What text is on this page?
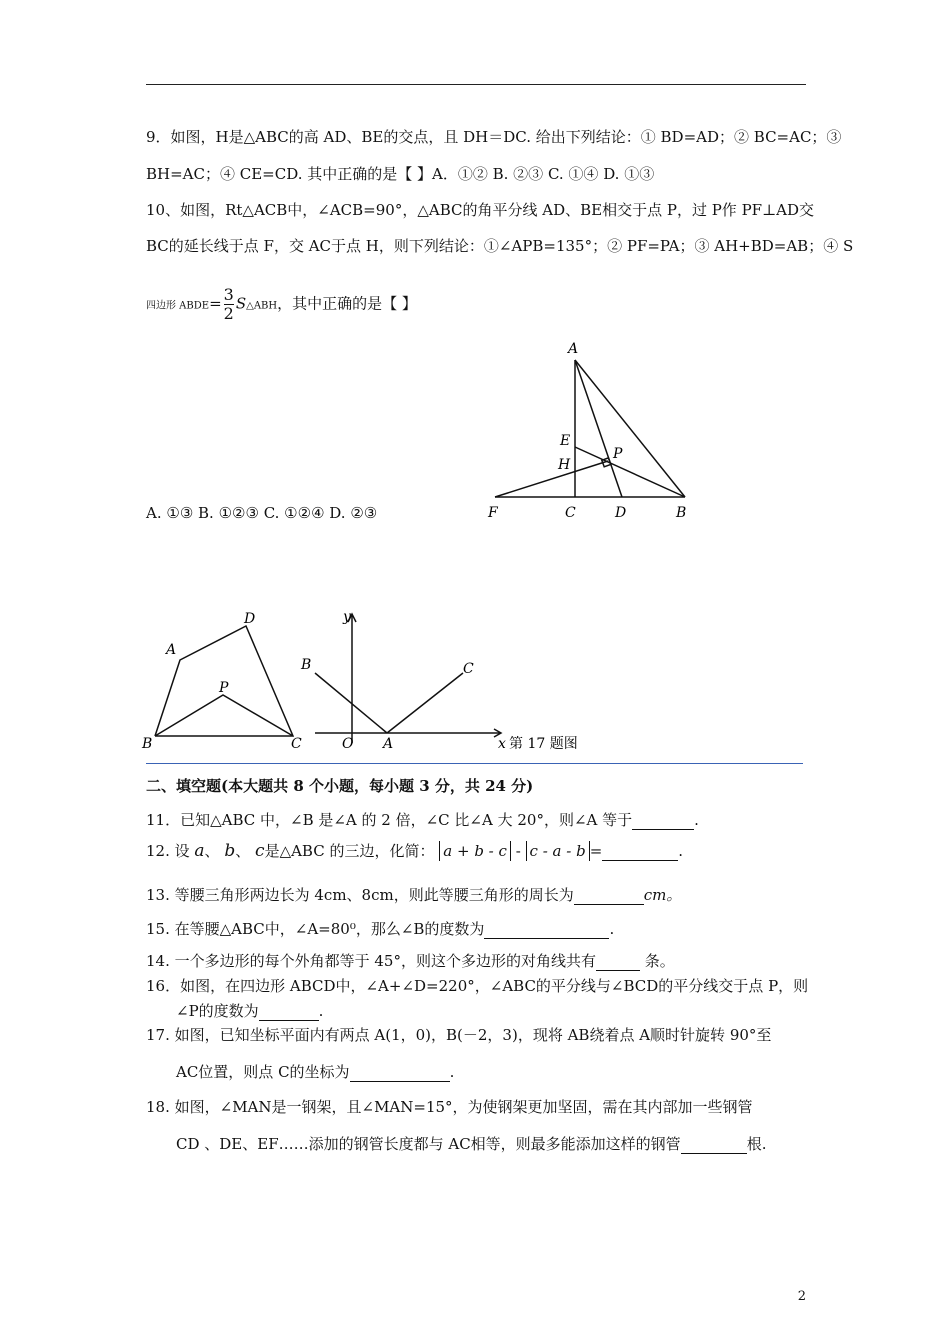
9．如图，H是△ABC的高 AD、BE的交点，且 DH＝DC. 给出下列结论：① BD=AD；② BC=AC；③
BH=AC；④ CE=CD. 其中正确的是【 】A．①② B. ②③ C. ①④ D. ①③
10、如图，Rt△ACB中，∠ACB=90°，△ABC的角平分线 AD、BE相交于点 P，过 P作 PF⊥AD交
BC的延长线于点 F，交 AC于点 H，则下列结论：①∠APB=135°；② PF=PA；③ AH+BD=AB；④ S
四边形 ABDE= $\frac{3}{2}$ S△ABH，其中正确的是【 】
A. ①③ B. ①②③ C. ①②④ D. ②③
A
E
H
P
F	C	D	B
A
D
P
B	C
y
B	C
O A	x 第 17 题图
二、填空题(本大题共 8 个小题，每小题 3 分，共 24 分)
11．已知△ABC 中，∠B 是∠A 的 2 倍，∠C 比∠A 大 20°，则∠A 等于	.
12. 设 a、 b、 c是△ABC 的三边，化简： a + b - c - c - a - b =	.
13. 等腰三角形两边长为 4cm、8cm，则此等腰三角形的周长为	cm。
15. 在等腰△ABC中，∠A=80⁰，那么∠B的度数为	.
14. 一个多边形的每个外角都等于 45°，则这个多边形的对角线共有	条。
16．如图，在四边形 ABCD中，∠A+∠D=220°，∠ABC的平分线与∠BCD的平分线交于点 P，则
∠P的度数为	.
17. 如图，已知坐标平面内有两点 A(1，0)，B(－2，3)，现将 AB绕着点 A顺时针旋转 90°至
AC位置，则点 C的坐标为	.
18. 如图，∠MAN是一钢架，且∠MAN=15°，为使钢架更加坚固，需在其内部加一些钢管
CD 、DE、EF……添加的钢管长度都与 AC相等，则最多能添加这样的钢管	根.
2
